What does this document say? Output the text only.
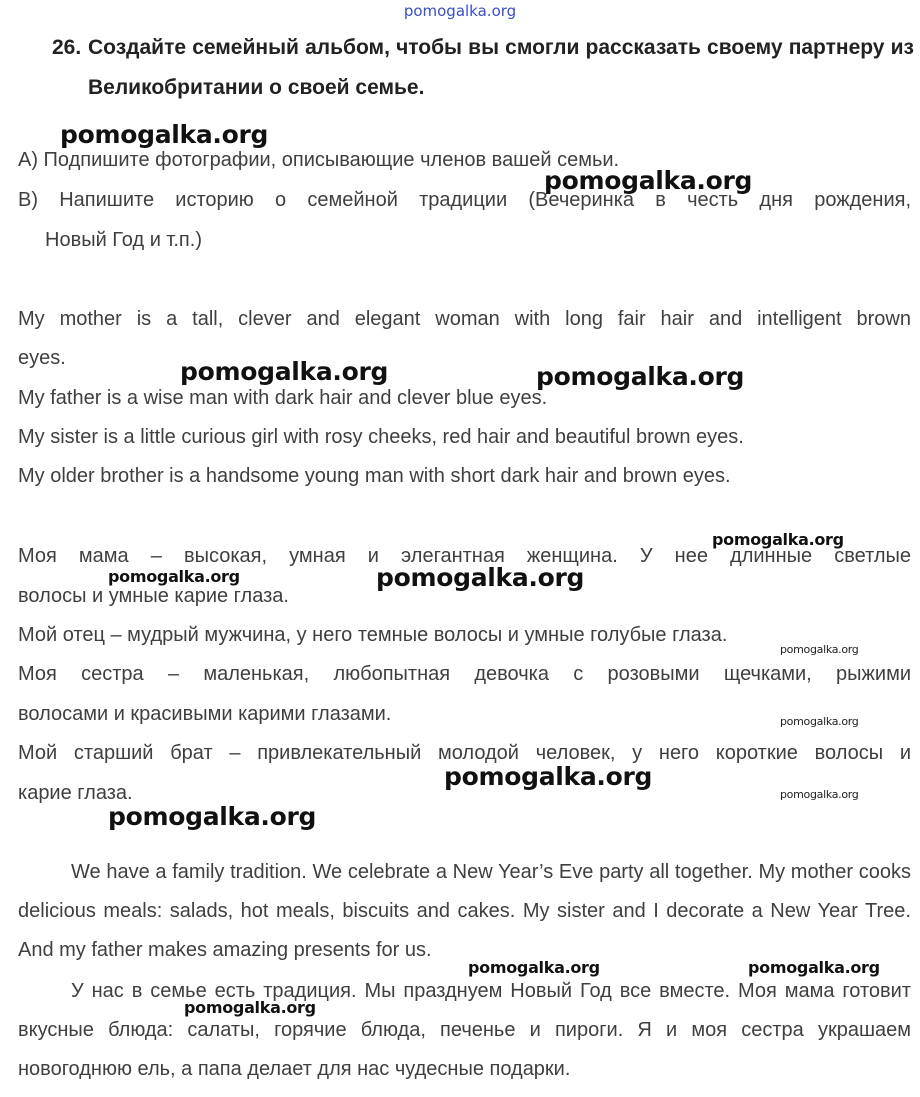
pomogalka.org
26. Создайте семейный альбом, чтобы вы смогли рассказать своему партнеру из Великобритании о своей семье.
А) Подпишите фотографии, описывающие членов вашей семьи.
В) Напишите историю о семейной традиции (Вечеринка в честь дня рождения,
Новый Год и т.п.)
My mother is a tall, clever and elegant woman with long fair hair and intelligent brown
eyes.
My father is a wise man with dark hair and clever blue eyes.
My sister is a little curious girl with rosy cheeks, red hair and beautiful brown eyes.
My older brother is a handsome young man with short dark hair and brown eyes.
Моя мама – высокая, умная и элегантная женщина. У нее длинные светлые
волосы и умные карие глаза.
Мой отец – мудрый мужчина, у него темные волосы и умные голубые глаза.
Моя сестра – маленькая, любопытная девочка с розовыми щечками, рыжими
волосами и красивыми карими глазами.
Мой старший брат – привлекательный молодой человек, у него короткие волосы и
карие глаза.
We have a family tradition. We celebrate a New Year’s Eve party all together. My mother cooks delicious meals: salads, hot meals, biscuits and cakes. My sister and I decorate a New Year Tree. And my father makes amazing presents for us.
У нас в семье есть традиция. Мы празднуем Новый Год все вместе. Моя мама готовит вкусные блюда: салаты, горячие блюда, печенье и пироги. Я и моя сестра украшаем новогоднюю ель, а папа делает для нас чудесные подарки.
pomogalka.org
pomogalka.org
pomogalka.org	pomogalka.org
pomogalka.org
pomogalka.org	pomogalka.org
pomogalka.org
pomogalka.org
pomogalka.org
pomogalka.org
pomogalka.org
pomogalka.org	pomogalka.org
pomogalka.org
